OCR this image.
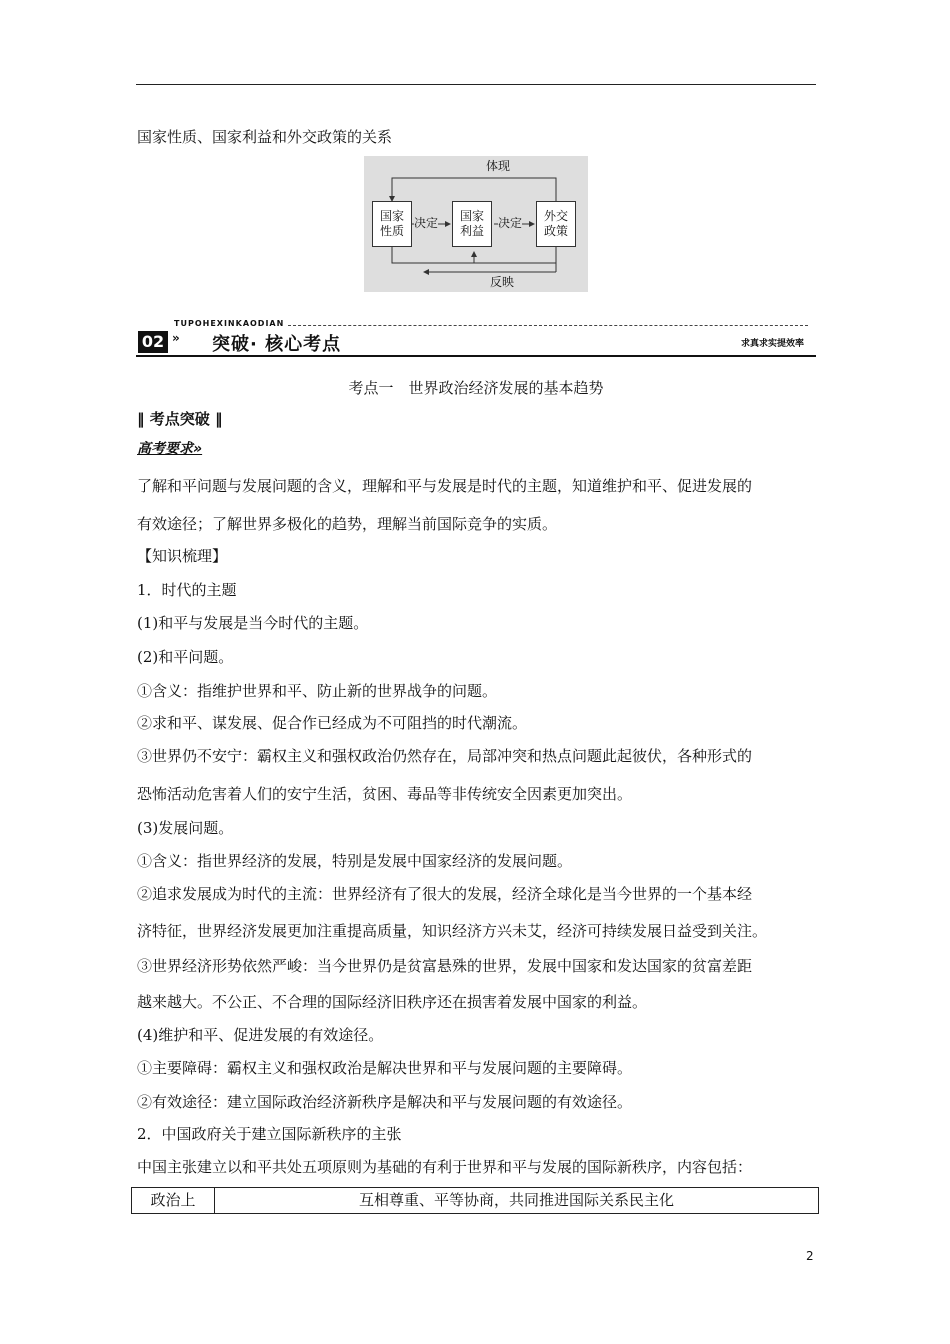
国家性质、国家利益和外交政策的关系
国家性质
国家利益
外交政策
决定	决定
体现
反映
TUPOHEXINKAODIAN
02 » 突破· 核心考点	求真求实提效率
考点一　世界政治经济发展的基本趋势
‖ 考点突破 ‖
高考要求»
了解和平问题与发展问题的含义，理解和平与发展是时代的主题，知道维护和平、促进发展的
有效途径；了解世界多极化的趋势，理解当前国际竞争的实质。
【知识梳理】
1．时代的主题
(1)和平与发展是当今时代的主题。
(2)和平问题。
①含义：指维护世界和平、防止新的世界战争的问题。
②求和平、谋发展、促合作已经成为不可阻挡的时代潮流。
③世界仍不安宁：霸权主义和强权政治仍然存在，局部冲突和热点问题此起彼伏，各种形式的
恐怖活动危害着人们的安宁生活，贫困、毒品等非传统安全因素更加突出。
(3)发展问题。
①含义：指世界经济的发展，特别是发展中国家经济的发展问题。
②追求发展成为时代的主流：世界经济有了很大的发展，经济全球化是当今世界的一个基本经
济特征，世界经济发展更加注重提高质量，知识经济方兴未艾，经济可持续发展日益受到关注。
③世界经济形势依然严峻：当今世界仍是贫富悬殊的世界，发展中国家和发达国家的贫富差距
越来越大。不公正、不合理的国际经济旧秩序还在损害着发展中国家的利益。
(4)维护和平、促进发展的有效途径。
①主要障碍：霸权主义和强权政治是解决世界和平与发展问题的主要障碍。
②有效途径：建立国际政治经济新秩序是解决和平与发展问题的有效途径。
2．中国政府关于建立国际新秩序的主张
中国主张建立以和平共处五项原则为基础的有利于世界和平与发展的国际新秩序，内容包括：
政治上	互相尊重、平等协商，共同推进国际关系民主化
2
